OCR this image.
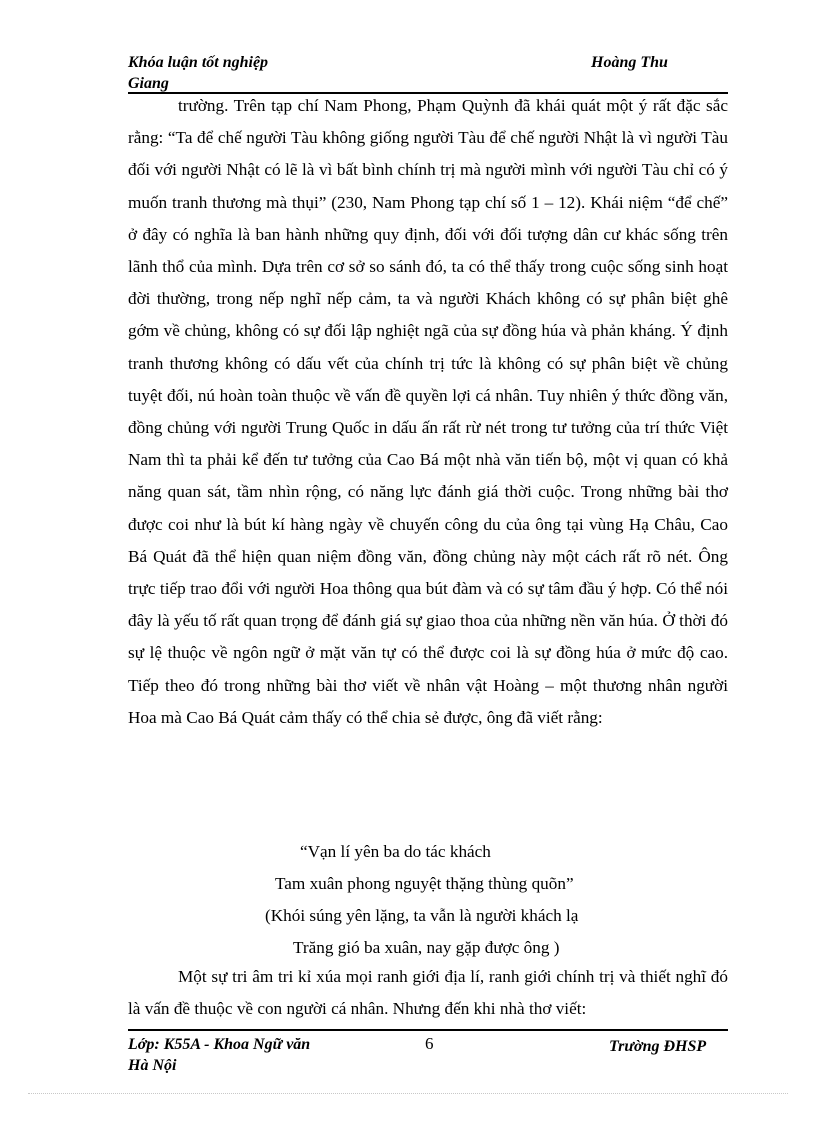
Khóa luận tốt nghiệp
Giang
Hoàng Thu

trường. Trên tạp chí Nam Phong, Phạm Quỳnh đã khái quát một ý rất đặc sắc rằng: “Ta để chế người Tàu không giống người Tàu để chế người Nhật là vì người Tàu đối với người Nhật có lẽ là vì bất bình chính trị mà người mình với người Tàu chỉ có ý muốn tranh thương mà thụi” (230, Nam Phong tạp chí số 1 – 12). Khái niệm “để chế” ở đây có nghĩa là ban hành những quy định, đối với đối tượng dân cư khác sống trên lãnh thổ của mình. Dựa trên cơ sở so sánh đó, ta có thể thấy trong cuộc sống sinh hoạt đời thường, trong nếp nghĩ nếp cảm, ta và người Khách không có sự phân biệt ghê gớm về chủng, không có sự đối lập nghiệt ngã của sự đồng húa và phản kháng. Ý định tranh thương không có dấu vết của chính trị tức là không có sự phân biệt về chủng tuyệt đối, nú hoàn toàn thuộc về vấn đề quyền lợi cá nhân. Tuy nhiên ý thức đồng văn, đồng chủng với người Trung Quốc in dấu ấn rất rừ nét trong tư tưởng của trí thức Việt Nam thì ta phải kể đến tư tưởng của Cao Bá một nhà văn tiến bộ, một vị quan có khả năng quan sát, tầm nhìn rộng, có năng lực đánh giá thời cuộc. Trong những bài thơ được coi như là bút kí hàng ngày về chuyến công du của ông tại vùng Hạ Châu, Cao Bá Quát đã thể hiện quan niệm đồng văn, đồng chủng này một cách rất rõ nét. Ông trực tiếp trao đổi với người Hoa thông qua bút đàm và có sự tâm đầu ý hợp. Có thể nói đây là yếu tố rất quan trọng để đánh giá sự giao thoa của những nền văn húa. Ở thời đó sự lệ thuộc về ngôn ngữ ở mặt văn tự có thể được coi là sự đồng húa ở mức độ cao. Tiếp theo đó trong những bài thơ viết về nhân vật Hoàng – một thương nhân người Hoa mà Cao Bá Quát cảm thấy có thể chia sẻ được, ông đã viết rằng:

“Vạn lí yên ba do tác khách
Tam xuân phong nguyệt thặng thùng quõn”
(Khói súng yên lặng, ta vẫn là người khách lạ
Trăng gió ba xuân, nay gặp được ông )

Một sự tri âm tri kỉ xúa mọi ranh giới địa lí, ranh giới chính trị và thiết nghĩ đó là vấn đề thuộc về con người cá nhân. Nhưng đến khi nhà thơ viết:

Lớp: K55A - Khoa Ngữ văn
Hà Nội
6	Trường ĐHSP
